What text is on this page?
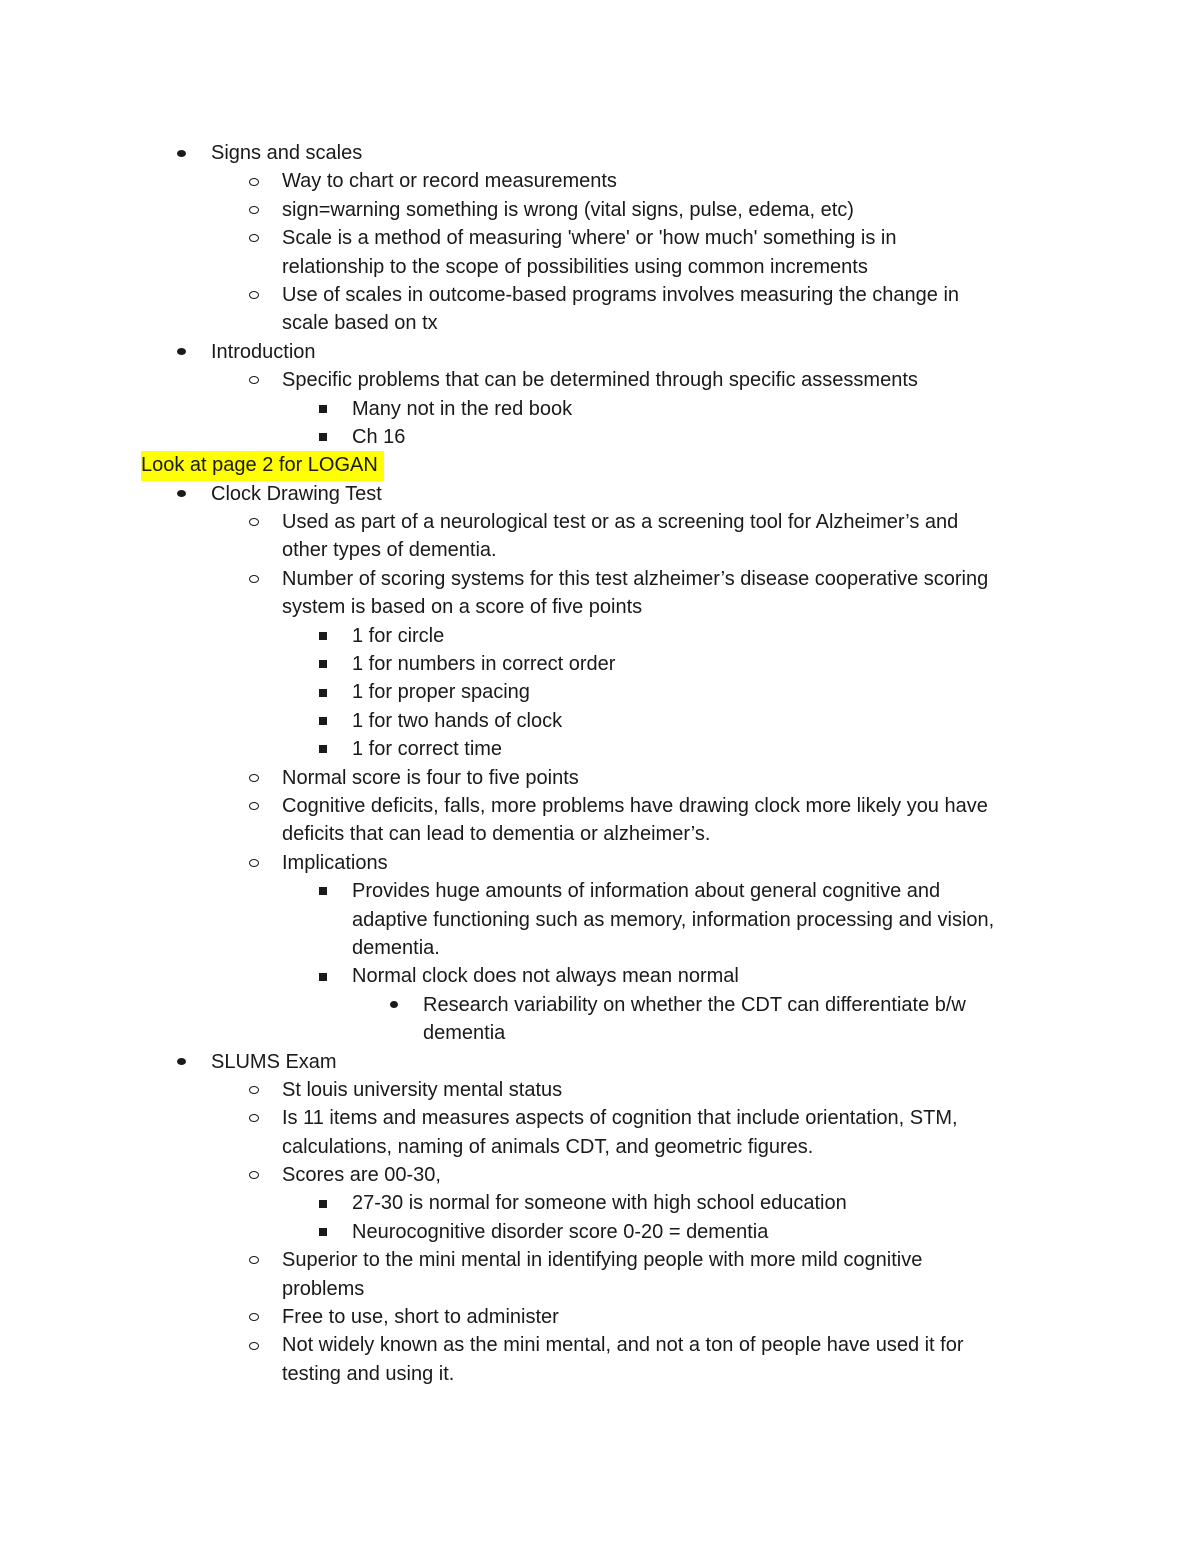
Signs and scales
Way to chart or record measurements
sign=warning something is wrong (vital signs, pulse, edema, etc)
Scale is a method of measuring 'where' or 'how much' something is in
relationship to the scope of possibilities using common increments
Use of scales in outcome-based programs involves measuring the change in
scale based on tx
Introduction
Specific problems that can be determined through specific assessments
Many not in the red book
Ch 16
Look at page 2 for LOGAN
Clock Drawing Test
Used as part of a neurological test or as a screening tool for Alzheimer’s and
other types of dementia.
Number of scoring systems for this test alzheimer’s disease cooperative scoring
system is based on a score of five points
1 for circle
1 for numbers in correct order
1 for proper spacing
1 for two hands of clock
1 for correct time
Normal score is four to five points
Cognitive deficits, falls, more problems have drawing clock more likely you have
deficits that can lead to dementia or alzheimer’s.
Implications
Provides huge amounts of information about general cognitive and
adaptive functioning such as memory, information processing and vision,
dementia.
Normal clock does not always mean normal
Research variability on whether the CDT can differentiate b/w
dementia
SLUMS Exam
St louis university mental status
Is 11 items and measures aspects of cognition that include orientation, STM,
calculations, naming of animals CDT, and geometric figures.
Scores are 00-30,
27-30 is normal for someone with high school education
Neurocognitive disorder score 0-20 = dementia
Superior to the mini mental in identifying people with more mild cognitive
problems
Free to use, short to administer
Not widely known as the mini mental, and not a ton of people have used it for
testing and using it.
